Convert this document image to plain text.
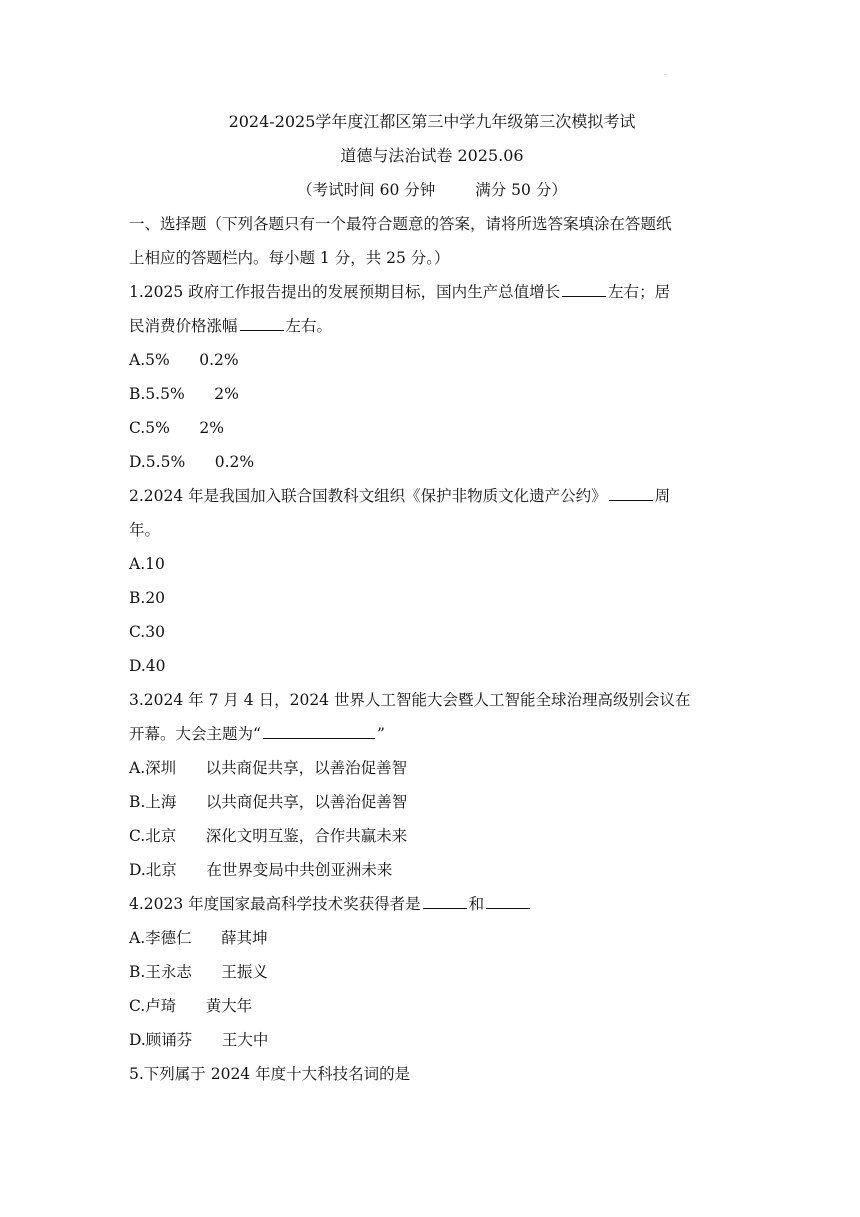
2024-2025学年度江都区第三中学九年级第三次模拟考试
道德与法治试卷 2025.06
（考试时间 60 分钟	满分 50 分）
一、选择题（下列各题只有一个最符合题意的答案，请将所选答案填涂在答题纸
上相应的答题栏内。每小题 1 分，共 25 分。）
1.2025 政府工作报告提出的发展预期目标，国内生产总值增长	左右；居
民消费价格涨幅	左右。
A.5%      0.2%
B.5.5%      2%
C.5%      2%
D.5.5%      0.2%
2.2024 年是我国加入联合国教科文组织《保护非物质文化遗产公约》	周
年。
A.10
B.20
C.30
D.40
3.2024 年 7 月 4 日，2024 世界人工智能大会暨人工智能全球治理高级别会议在
开幕。大会主题为“	”
A.深圳      以共商促共享，以善治促善智
B.上海      以共商促共享，以善治促善智
C.北京      深化文明互鉴，合作共赢未来
D.北京      在世界变局中共创亚洲未来
4.2023 年度国家最高科学技术奖获得者是	和
A.李德仁      薛其坤
B.王永志      王振义
C.卢琦      黄大年
D.顾诵芬      王大中
5.下列属于 2024 年度十大科技名词的是
